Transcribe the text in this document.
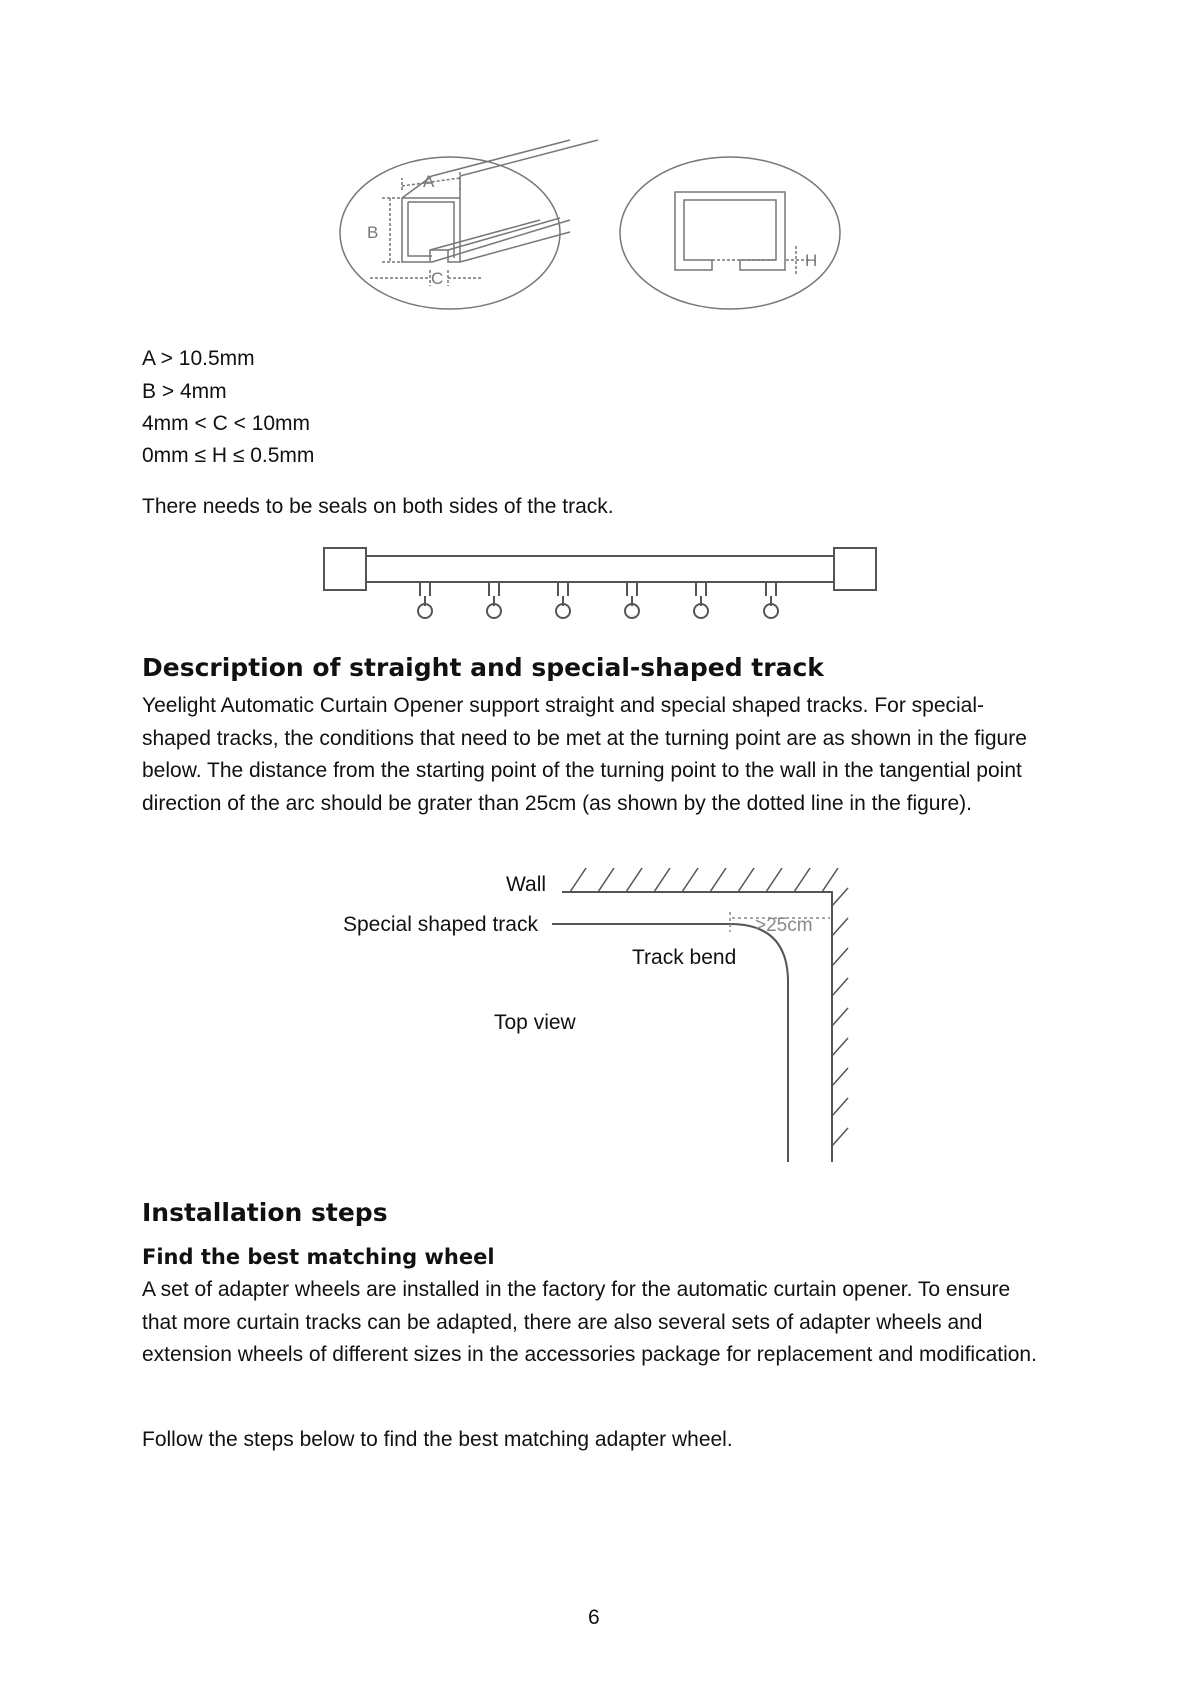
A
B
C
H
A > 10.5mm
B > 4mm
4mm < C < 10mm
0mm ≤ H ≤ 0.5mm
There needs to be seals on both sides of the track.
Description of straight and special-shaped track

Yeelight Automatic Curtain Opener support straight and special shaped tracks. For special-shaped tracks, the conditions that need to be met at the turning point are as shown in the figure below. The distance from the starting point of the turning point to the wall in the tangential point direction of the arc should be grater than 25cm (as shown by the dotted line in the figure).

Wall
Special shaped track	>25cm
Track bend
Top view
Installation steps
Find the best matching wheel

A set of adapter wheels are installed in the factory for the automatic curtain opener. To ensure that more curtain tracks can be adapted, there are also several sets of adapter wheels and extension wheels of different sizes in the accessories package for replacement and modification.

Follow the steps below to find the best matching adapter wheel.
6
